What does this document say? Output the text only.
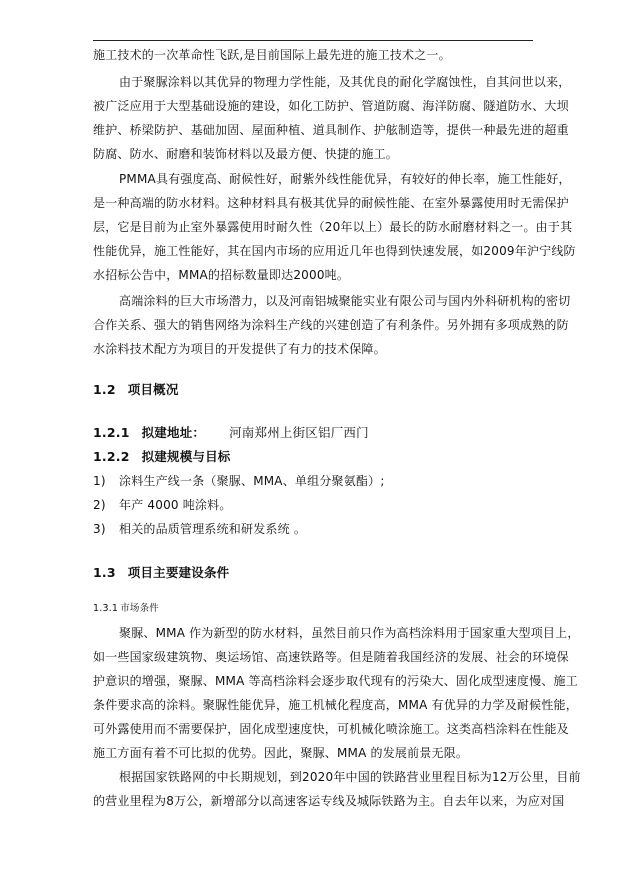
施工技术的一次革命性飞跃,是目前国际上最先进的施工技术之一。
由于聚脲涂料以其优异的物理力学性能，及其优良的耐化学腐蚀性，自其问世以来，
被广泛应用于大型基础设施的建设，如化工防护、管道防腐、海洋防腐、隧道防水、大坝
维护、桥梁防护、基础加固、屋面种植、道具制作、护舷制造等，提供一种最先进的超重
防腐、防水、耐磨和装饰材料以及最方便、快捷的施工。
PMMA具有强度高、耐候性好，耐紫外线性能优异，有较好的伸长率，施工性能好，
是一种高端的防水材料。这种材料具有极其优异的耐候性能、在室外暴露使用时无需保护
层，它是目前为止室外暴露使用时耐久性（20年以上）最长的防水耐磨材料之一。由于其
性能优异，施工性能好，其在国内市场的应用近几年也得到快速发展，如2009年沪宁线防
水招标公告中，MMA的招标数量即达2000吨。
高端涂料的巨大市场潜力，以及河南铝城聚能实业有限公司与国内外科研机构的密切
合作关系、强大的销售网络为涂料生产线的兴建创造了有利条件。另外拥有多项成熟的防
水涂料技术配方为项目的开发提供了有力的技术保障。
1.2 项目概况
1.2.1 拟建地址： 河南郑州上街区铝厂西门
1.2.2 拟建规模与目标
1) 涂料生产线一条（聚脲、MMA、单组分聚氨酯）;
2) 年产 4000 吨涂料。
3) 相关的品质管理系统和研发系统 。
1.3 项目主要建设条件
1.3.1 市场条件
聚脲、MMA 作为新型的防水材料，虽然目前只作为高档涂料用于国家重大型项目上，
如一些国家级建筑物、奥运场馆、高速铁路等。但是随着我国经济的发展、社会的环境保
护意识的增强，聚脲、MMA 等高档涂料会逐步取代现有的污染大、固化成型速度慢、施工
条件要求高的涂料。聚脲性能优异，施工机械化程度高，MMA 有优异的力学及耐候性能，
可外露使用而不需要保护，固化成型速度快，可机械化喷涂施工。这类高档涂料在性能及
施工方面有着不可比拟的优势。因此，聚脲、MMA 的发展前景无限。
根据国家铁路网的中长期规划，到2020年中国的铁路营业里程目标为12万公里，目前
的营业里程为8万公，新增部分以高速客运专线及城际铁路为主。自去年以来，为应对国
